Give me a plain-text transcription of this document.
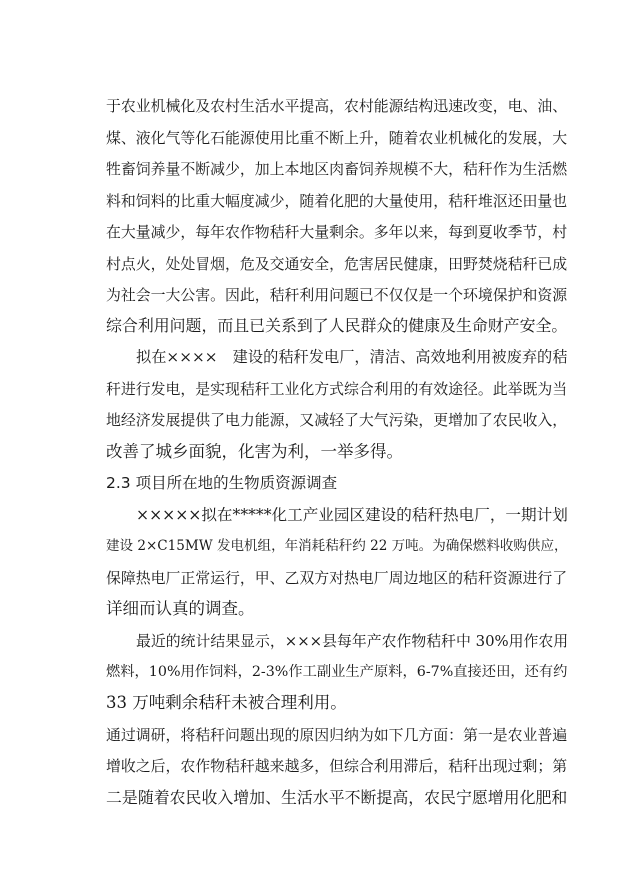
于农业机械化及农村生活水平提高，农村能源结构迅速改变，电、油、
煤、液化气等化石能源使用比重不断上升，随着农业机械化的发展，大
牲畜饲养量不断减少，加上本地区肉畜饲养规模不大，秸秆作为生活燃
料和饲料的比重大幅度减少，随着化肥的大量使用，秸秆堆沤还田量也
在大量减少，每年农作物秸秆大量剩余。多年以来，每到夏收季节，村
村点火，处处冒烟，危及交通安全，危害居民健康，田野焚烧秸秆已成
为社会一大公害。因此，秸秆利用问题已不仅仅是一个环境保护和资源
综合利用问题，而且已关系到了人民群众的健康及生命财产安全。
拟在××××　建设的秸秆发电厂，清洁、高效地利用被废弃的秸
秆进行发电，是实现秸秆工业化方式综合利用的有效途径。此举既为当
地经济发展提供了电力能源，又减轻了大气污染，更增加了农民收入，
改善了城乡面貌，化害为利，一举多得。
2.3 项目所在地的生物质资源调查
×××××拟在*****化工产业园区建设的秸秆热电厂，一期计划
建设 2×C15MW 发电机组，年消耗秸秆约 22 万吨。为确保燃料收购供应，
保障热电厂正常运行，甲、乙双方对热电厂周边地区的秸秆资源进行了
详细而认真的调查。
最近的统计结果显示，×××县每年产农作物秸秆中 30%用作农用
燃料，10%用作饲料，2-3%作工副业生产原料，6-7%直接还田，还有约
33 万吨剩余秸秆未被合理利用。
通过调研，将秸秆问题出现的原因归纳为如下几方面：第一是农业普遍
增收之后，农作物秸秆越来越多，但综合利用滞后，秸秆出现过剩；第
二是随着农民收入增加、生活水平不断提高，农民宁愿增用化肥和
